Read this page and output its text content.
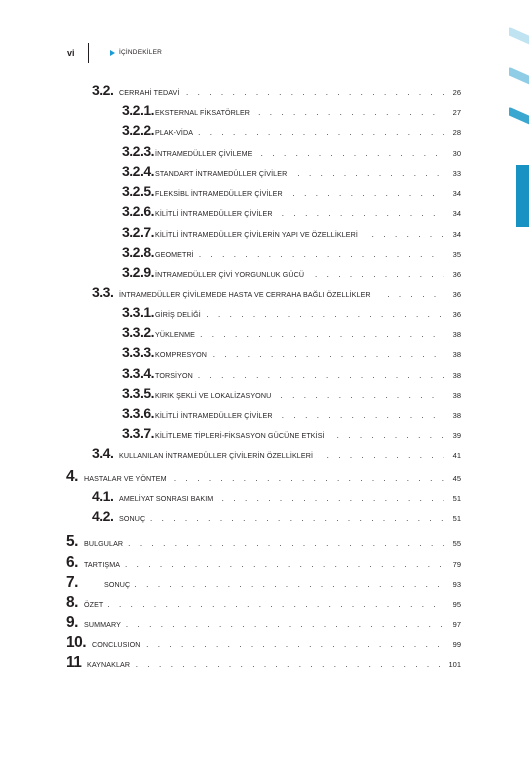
vi	İÇİNDEKİLER
3.2. CERRAHİ TEDAVİ . . .	26
3.2.1. EKSTERNAL FİKSATÖRLER . . .	27
3.2.2. PLAK-VİDA . . .	28
3.2.3. İNTRAMEDÜLLER ÇİVİLEME . . .	30
3.2.4. STANDART İNTRAMEDÜLLER ÇİVİLER . . .	33
3.2.5. FLEKSİBL İNTRAMEDÜLLER ÇİVİLER . . .	34
3.2.6. KİLİTLİ İNTRAMEDÜLLER ÇİVİLER . . .	34
3.2.7. KİLİTLİ İNTRAMEDÜLLER ÇİVİLERİN YAPI VE ÖZELLİKLERİ . . .	34
3.2.8. GEOMETRİ . . .	35
3.2.9. İNTRAMEDÜLLER ÇİVİ YORGUNLUK GÜCÜ . . .	36
3.3. İNTRAMEDÜLLER ÇİVİLEMEDE HASTA VE CERRAHA BAĞLI ÖZELLİKLER . . .	36
3.3.1. GİRİŞ DELİĞİ . . .	36
3.3.2. YÜKLENME . . .	38
3.3.3. KOMPRESYON . . .	38
3.3.4. TORSİYON . . .	38
3.3.5. KIRIK ŞEKLİ VE LOKALİZASYONU . . .	38
3.3.6. KİLİTLİ İNTRAMEDÜLLER ÇİVİLER . . .	38
3.3.7. KİLİTLEME TİPLERİ-FİKSASYON GÜCÜNE ETKİSİ . . .	39
3.4. KULLANILAN İNTRAMEDÜLLER ÇİVİLERİN ÖZELLİKLERİ . . .	41
4. HASTALAR VE YÖNTEM . . .	45
4.1. AMELİYAT SONRASI BAKIM . . .	51
4.2. SONUÇ . . .	51
5. BULGULAR . . .	55
6. TARTIŞMA . . .	79
7.	SONUÇ . . .	93
8. ÖZET . . .	95
9. SUMMARY . . .	97
10. CONCLUSION . . .	99
11 KAYNAKLAR . . .	101
